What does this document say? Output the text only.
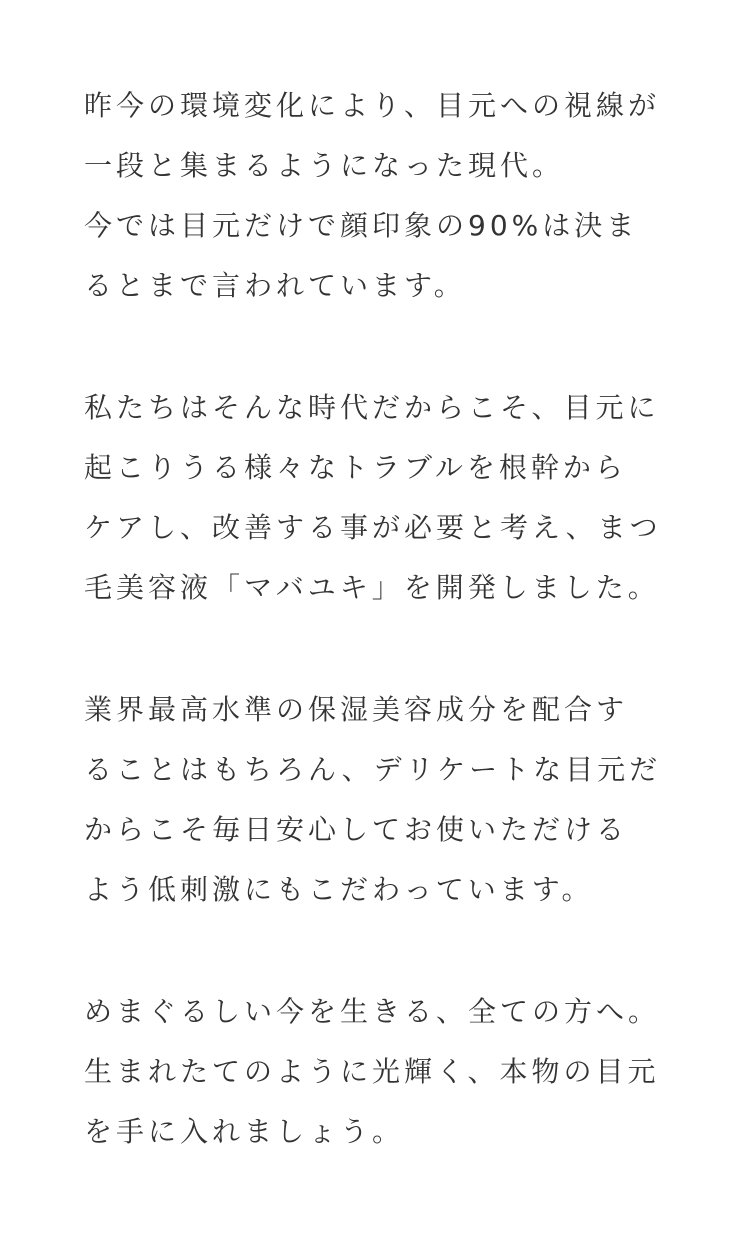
昨今の環境変化により、目元への視線が
一段と集まるようになった現代。
今では目元だけで顔印象の90%は決ま
るとまで言われています。
私たちはそんな時代だからこそ、目元に
起こりうる様々なトラブルを根幹から
ケアし、改善する事が必要と考え、まつ
毛美容液「マバユキ」を開発しました。
業界最高水準の保湿美容成分を配合す
ることはもちろん、デリケートな目元だ
からこそ毎日安心してお使いただける
よう低刺激にもこだわっています。
めまぐるしい今を生きる、全ての方へ。
生まれたてのように光輝く、本物の目元
を手に入れましょう。
